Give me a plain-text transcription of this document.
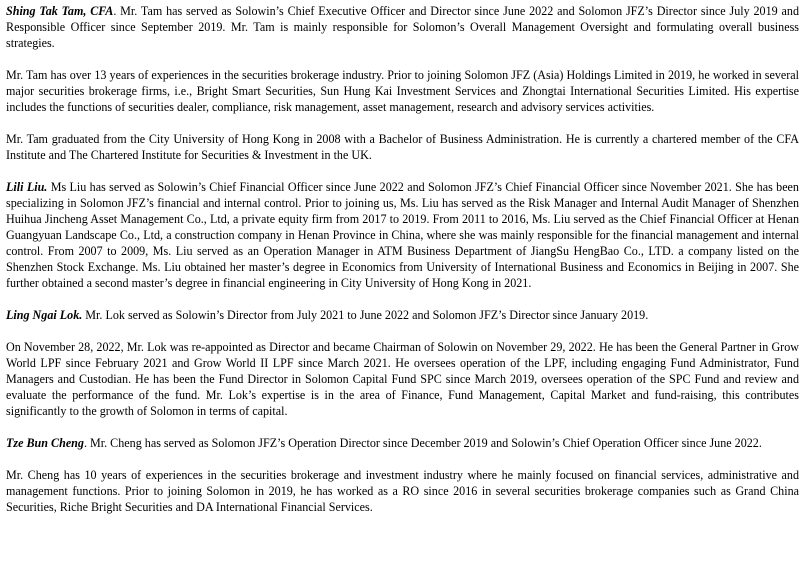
Shing Tak Tam, CFA. Mr. Tam has served as Solowin’s Chief Executive Officer and Director since June 2022 and Solomon JFZ’s Director since July 2019 and Responsible Officer since September 2019. Mr. Tam is mainly responsible for Solomon’s Overall Management Oversight and formulating overall business strategies.

Mr. Tam has over 13 years of experiences in the securities brokerage industry. Prior to joining Solomon JFZ (Asia) Holdings Limited in 2019, he worked in several major securities brokerage firms, i.e., Bright Smart Securities, Sun Hung Kai Investment Services and Zhongtai International Securities Limited. His expertise includes the functions of securities dealer, compliance, risk management, asset management, research and advisory services activities.

Mr. Tam graduated from the City University of Hong Kong in 2008 with a Bachelor of Business Administration. He is currently a chartered member of the CFA Institute and The Chartered Institute for Securities & Investment in the UK.

Lili Liu. Ms Liu has served as Solowin’s Chief Financial Officer since June 2022 and Solomon JFZ’s Chief Financial Officer since November 2021. She has been specializing in Solomon JFZ’s financial and internal control. Prior to joining us, Ms. Liu has served as the Risk Manager and Internal Audit Manager of Shenzhen Huihua Jincheng Asset Management Co., Ltd, a private equity firm from 2017 to 2019. From 2011 to 2016, Ms. Liu served as the Chief Financial Officer at Henan Guangyuan Landscape Co., Ltd, a construction company in Henan Province in China, where she was mainly responsible for the financial management and internal control. From 2007 to 2009, Ms. Liu served as an Operation Manager in ATM Business Department of JiangSu HengBao Co., LTD. a company listed on the Shenzhen Stock Exchange. Ms. Liu obtained her master’s degree in Economics from University of International Business and Economics in Beijing in 2007. She further obtained a second master’s degree in financial engineering in City University of Hong Kong in 2021.

Ling Ngai Lok. Mr. Lok served as Solowin’s Director from July 2021 to June 2022 and Solomon JFZ’s Director since January 2019.

On November 28, 2022, Mr. Lok was re-appointed as Director and became Chairman of Solowin on November 29, 2022. He has been the General Partner in Grow World LPF since February 2021 and Grow World II LPF since March 2021. He oversees operation of the LPF, including engaging Fund Administrator, Fund Managers and Custodian. He has been the Fund Director in Solomon Capital Fund SPC since March 2019, oversees operation of the SPC Fund and review and evaluate the performance of the fund. Mr. Lok’s expertise is in the area of Finance, Fund Management, Capital Market and fund-raising, this contributes significantly to the growth of Solomon in terms of capital.

Tze Bun Cheng. Mr. Cheng has served as Solomon JFZ’s Operation Director since December 2019 and Solowin’s Chief Operation Officer since June 2022.

Mr. Cheng has 10 years of experiences in the securities brokerage and investment industry where he mainly focused on financial services, administrative and management functions. Prior to joining Solomon in 2019, he has worked as a RO since 2016 in several securities brokerage companies such as Grand China Securities, Riche Bright Securities and DA International Financial Services.
